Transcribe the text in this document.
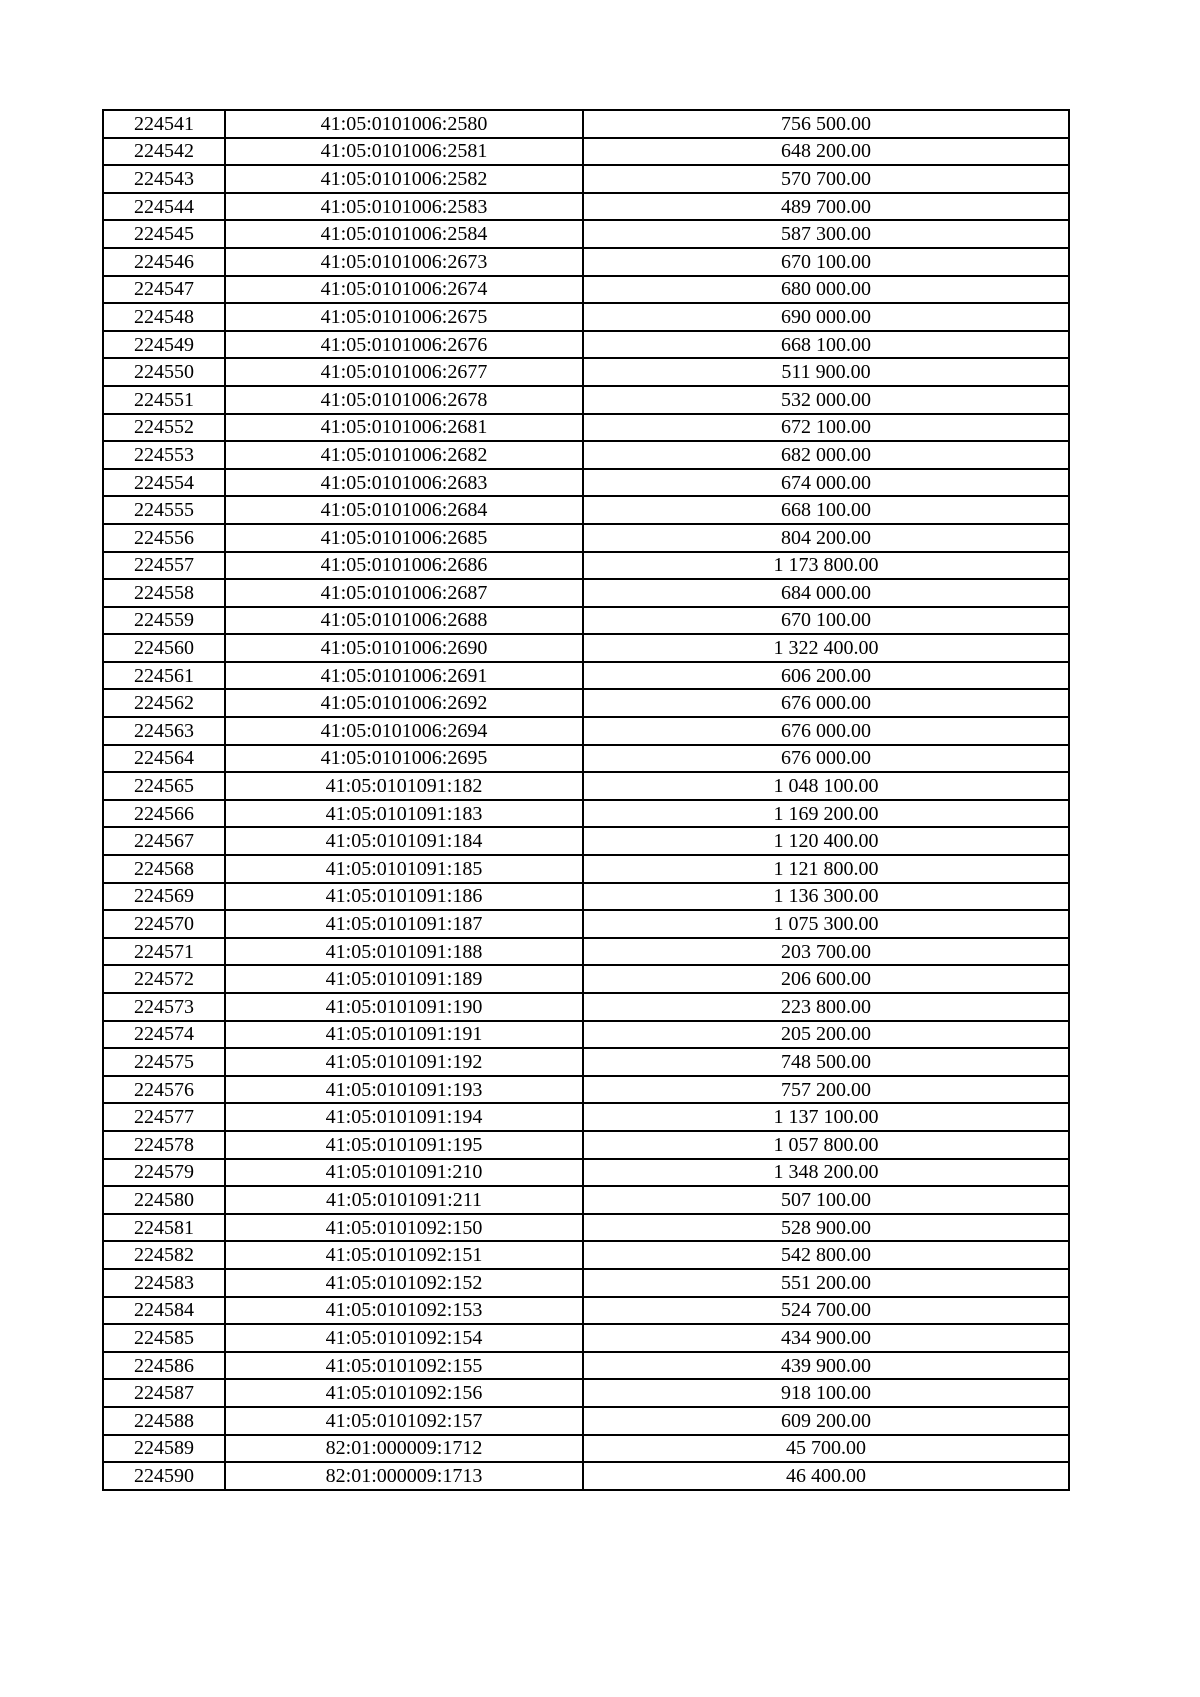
224541	41:05:0101006:2580	756 500.00
224542	41:05:0101006:2581	648 200.00
224543	41:05:0101006:2582	570 700.00
224544	41:05:0101006:2583	489 700.00
224545	41:05:0101006:2584	587 300.00
224546	41:05:0101006:2673	670 100.00
224547	41:05:0101006:2674	680 000.00
224548	41:05:0101006:2675	690 000.00
224549	41:05:0101006:2676	668 100.00
224550	41:05:0101006:2677	511 900.00
224551	41:05:0101006:2678	532 000.00
224552	41:05:0101006:2681	672 100.00
224553	41:05:0101006:2682	682 000.00
224554	41:05:0101006:2683	674 000.00
224555	41:05:0101006:2684	668 100.00
224556	41:05:0101006:2685	804 200.00
224557	41:05:0101006:2686	1 173 800.00
224558	41:05:0101006:2687	684 000.00
224559	41:05:0101006:2688	670 100.00
224560	41:05:0101006:2690	1 322 400.00
224561	41:05:0101006:2691	606 200.00
224562	41:05:0101006:2692	676 000.00
224563	41:05:0101006:2694	676 000.00
224564	41:05:0101006:2695	676 000.00
224565	41:05:0101091:182	1 048 100.00
224566	41:05:0101091:183	1 169 200.00
224567	41:05:0101091:184	1 120 400.00
224568	41:05:0101091:185	1 121 800.00
224569	41:05:0101091:186	1 136 300.00
224570	41:05:0101091:187	1 075 300.00
224571	41:05:0101091:188	203 700.00
224572	41:05:0101091:189	206 600.00
224573	41:05:0101091:190	223 800.00
224574	41:05:0101091:191	205 200.00
224575	41:05:0101091:192	748 500.00
224576	41:05:0101091:193	757 200.00
224577	41:05:0101091:194	1 137 100.00
224578	41:05:0101091:195	1 057 800.00
224579	41:05:0101091:210	1 348 200.00
224580	41:05:0101091:211	507 100.00
224581	41:05:0101092:150	528 900.00
224582	41:05:0101092:151	542 800.00
224583	41:05:0101092:152	551 200.00
224584	41:05:0101092:153	524 700.00
224585	41:05:0101092:154	434 900.00
224586	41:05:0101092:155	439 900.00
224587	41:05:0101092:156	918 100.00
224588	41:05:0101092:157	609 200.00
224589	82:01:000009:1712	45 700.00
224590	82:01:000009:1713	46 400.00
